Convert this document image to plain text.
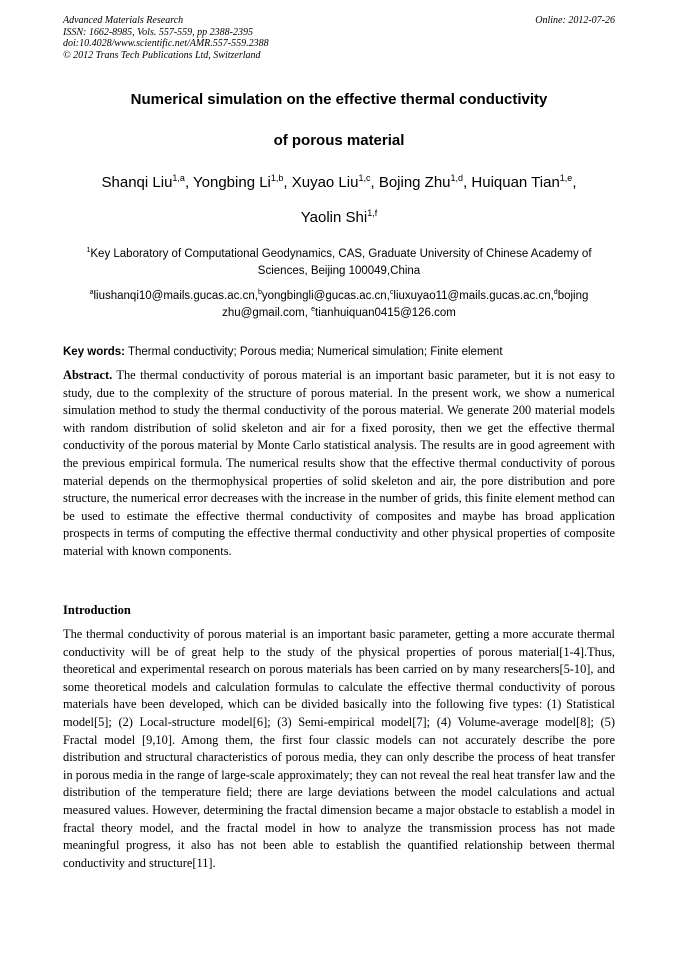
Advanced Materials Research
ISSN: 1662-8985, Vols. 557-559, pp 2388-2395
doi:10.4028/www.scientific.net/AMR.557-559.2388
© 2012 Trans Tech Publications Ltd, Switzerland
Online: 2012-07-26
Numerical simulation on the effective thermal conductivity
of porous material
Shanqi Liu$^{1,a}$, Yongbing Li$^{1,b}$, Xuyao Liu$^{1,c}$, Bojing Zhu$^{1,d}$, Huiquan Tian$^{1,e}$,
Yaolin Shi$^{1,f}$
$^1$Key Laboratory of Computational Geodynamics, CAS, Graduate University of Chinese Academy of
Sciences, Beijing 100049,China
$^a$liushanqi10@mails.gucas.ac.cn,$^b$yongbingli@gucas.ac.cn,$^c$liuxuyao11@mails.gucas.ac.cn,$^d$bojing
zhu@gmail.com, $^e$tianhuiquan0415@126.com
Key words: Thermal conductivity; Porous media; Numerical simulation; Finite element
Abstract. The thermal conductivity of porous material is an important basic parameter, but it is not easy to study, due to the complexity of the structure of porous material. In the present work, we show a numerical simulation method to study the thermal conductivity of the porous material. We generate 200 material models with random distribution of solid skeleton and air for a fixed porosity, then we get the effective thermal conductivity of the porous material by Monte Carlo statistical analysis. The results are in good agreement with the previous empirical formula. The numerical results show that the effective thermal conductivity of porous material depends on the thermophysical properties of solid skeleton and air, the pore distribution and pore structure, the numerical error decreases with the increase in the number of grids, this finite element method can be used to estimate the effective thermal conductivity of composites and maybe has broad application prospects in terms of computing the effective thermal conductivity and other physical properties of composite material with known components.
Introduction
The thermal conductivity of porous material is an important basic parameter, getting a more accurate thermal conductivity will be of great help to the study of the physical properties of porous material[1-4].Thus, theoretical and experimental research on porous materials has been carried on by many researchers[5-10], and some theoretical models and calculation formulas to calculate the effective thermal conductivity of porous materials have been developed, which can be divided basically into the following five types: (1) Statistical model[5]; (2) Local-structure model[6]; (3) Semi-empirical model[7]; (4) Volume-average model[8]; (5) Fractal model [9,10]. Among them, the first four classic models can not accurately describe the pore distribution and structural characteristics of porous media, they can only describe the process of heat transfer in porous media in the range of large-scale approximately; they can not reveal the real heat transfer law and the distribution of the temperature field; there are large deviations between the model calculations and actual measured values. However, determining the fractal dimension became a major obstacle to establish a model in fractal theory model, and the fractal model in how to analyze the transmission process has not made meaningful progress, it also has not been able to establish the quantified relationship between thermal conductivity and structure[11].
